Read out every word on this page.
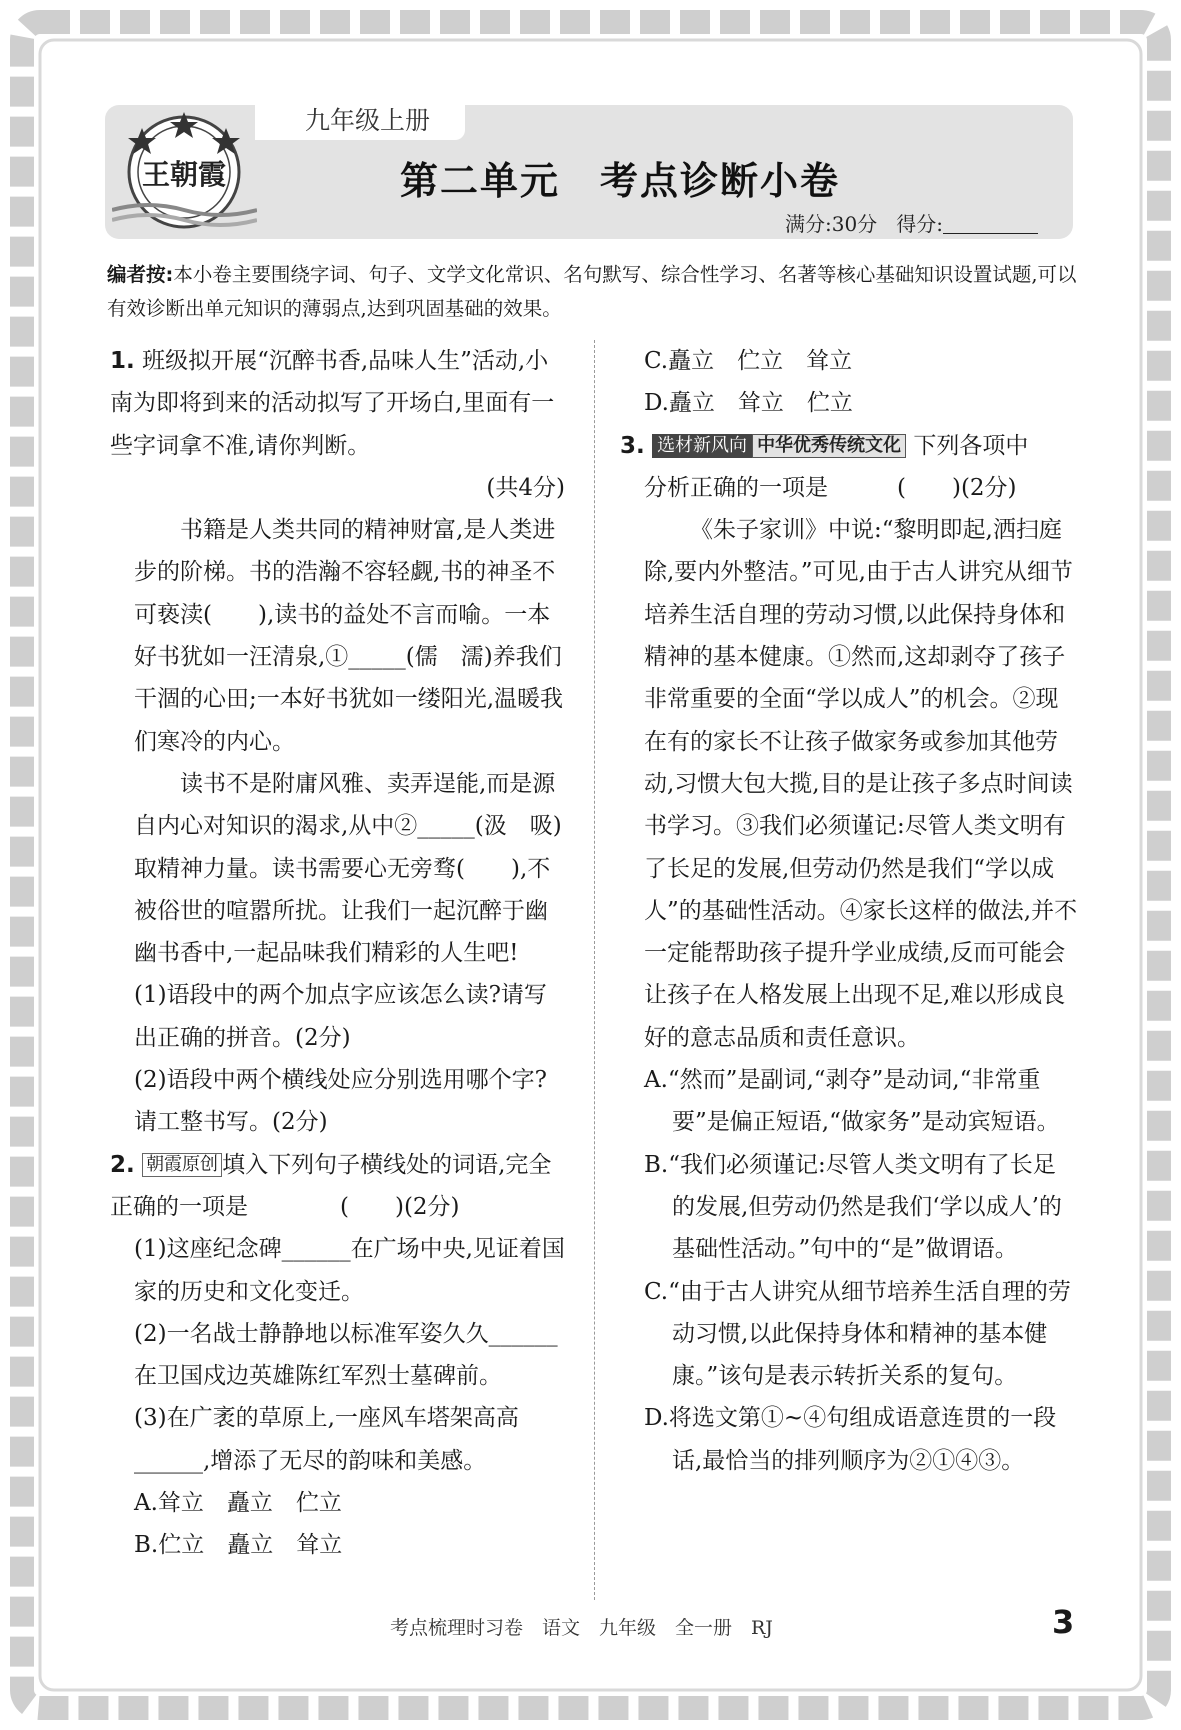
九年级上册
王朝霞	第二单元　考点诊断小卷
满分:30分 得分:
编者按:本小卷主要围绕字词、句子、文学文化常识、名句默写、综合性学习、名著等核心基础知识设置试题,可以有效诊断出单元知识的薄弱点,达到巩固基础的效果。

1. 班级拟开展“沉醉书香,品味人生”活动,小南为即将到来的活动拟写了开场白,里面有一些字词拿不准,请你判断。

(共4分)

书籍是人类共同的精神财富,是人类进步的阶梯。书的浩瀚不容轻觑,书的神圣不可亵渎(　　),读书的益处不言而喻。一本好书犹如一汪清泉,①_____(儒　濡)养我们干涸的心田;一本好书犹如一缕阳光,温暖我们寒冷的内心。

读书不是附庸风雅、卖弄逞能,而是源自内心对知识的渴求,从中②_____(汲　吸)取精神力量。读书需要心无旁骛(　　),不被俗世的喧嚣所扰。让我们一起沉醉于幽幽书香中,一起品味我们精彩的人生吧!

(1)语段中的两个加点字应该怎么读?请写出正确的拼音。(2分)

(2)语段中两个横线处应分别选用哪个字?请工整书写。(2分)

2. 朝霞原创 填入下列句子横线处的词语,完全正确的一项是　　　　(　　)(2分)

(1)这座纪念碑______在广场中央,见证着国家的历史和文化变迁。

(2)一名战士静静地以标准军姿久久______在卫国戍边英雄陈红军烈士墓碑前。

(3)在广袤的草原上,一座风车塔架高高______,增添了无尽的韵味和美感。

A.耸立　矗立　伫立

B.伫立　矗立　耸立

C.矗立　伫立　耸立

D.矗立　耸立　伫立

3. 选材新风向 中华优秀传统文化 下列各项中

分析正确的一项是　　　(　　)(2分)

《朱子家训》中说:“黎明即起,洒扫庭除,要内外整洁。”可见,由于古人讲究从细节培养生活自理的劳动习惯,以此保持身体和精神的基本健康。①然而,这却剥夺了孩子非常重要的全面“学以成人”的机会。②现在有的家长不让孩子做家务或参加其他劳动,习惯大包大揽,目的是让孩子多点时间读书学习。③我们必须谨记:尽管人类文明有了长足的发展,但劳动仍然是我们“学以成人”的基础性活动。④家长这样的做法,并不一定能帮助孩子提升学业成绩,反而可能会让孩子在人格发展上出现不足,难以形成良好的意志品质和责任意识。

A.“然而”是副词,“剥夺”是动词,“非常重要”是偏正短语,“做家务”是动宾短语。

B.“我们必须谨记:尽管人类文明有了长足的发展,但劳动仍然是我们‘学以成人’的基础性活动。”句中的“是”做谓语。

C.“由于古人讲究从细节培养生活自理的劳动习惯,以此保持身体和精神的基本健康。”该句是表示转折关系的复句。

D.将选文第①~④句组成语意连贯的一段话,最恰当的排列顺序为②①④③。

考点梳理时习卷　语文　九年级　全一册　RJ	3
